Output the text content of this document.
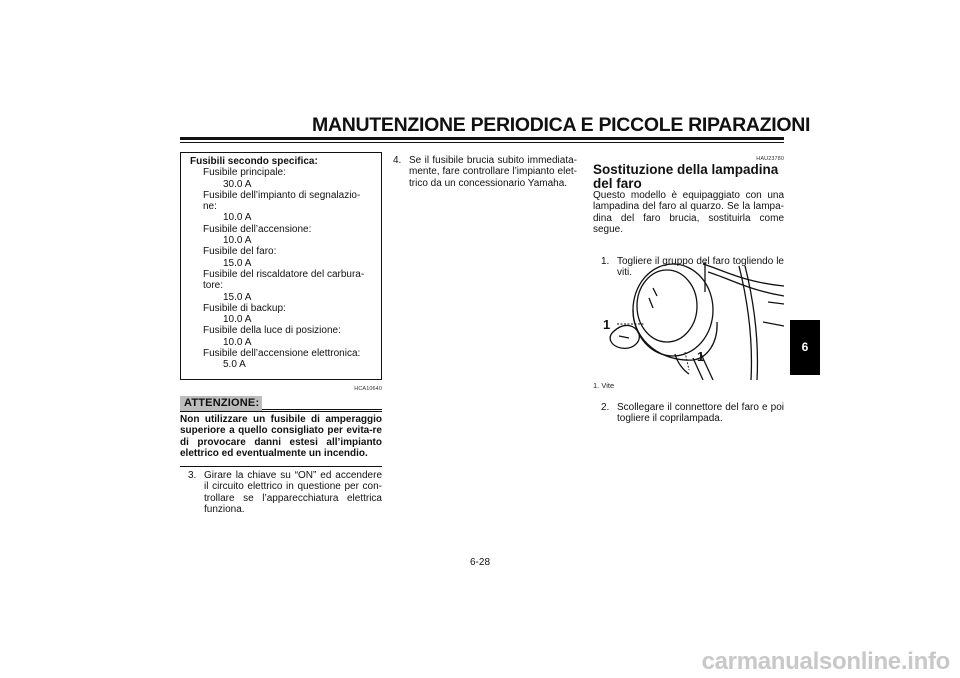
MANUTENZIONE PERIODICA E PICCOLE RIPARAZIONI
Fusibili secondo specifica:
Fusibile principale:
30.0 A
Fusibile dell’impianto di segnalazio-ne:
10.0 A
Fusibile dell’accensione:
10.0 A
Fusibile del faro:
15.0 A
Fusibile del riscaldatore del carbura-tore:
15.0 A
Fusibile di backup:
10.0 A
Fusibile della luce di posizione:
10.0 A
Fusibile dell’accensione elettronica:
5.0 A
HCA10640
ATTENZIONE:
Non utilizzare un fusibile di amperaggio superiore a quello consigliato per evita-re di provocare danni estesi all’impianto elettrico ed eventualmente un incendio.
3. Girare la chiave su “ON” ed accendere il circuito elettrico in questione per con-trollare se l’apparecchiatura elettrica funziona.
4. Se il fusibile brucia subito immediata-mente, fare controllare l’impianto elet-trico da un concessionario Yamaha.
HAU23780
Sostituzione della lampadina del faro
Questo modello è equipaggiato con una lampadina del faro al quarzo. Se la lampa-dina del faro brucia, sostituirla come segue.
1. Togliere il gruppo del faro togliendo le viti.
1
1
1. Vite
2. Scollegare il connettore del faro e poi togliere il coprilampada.
6
6-28
carmanualsonline.info
